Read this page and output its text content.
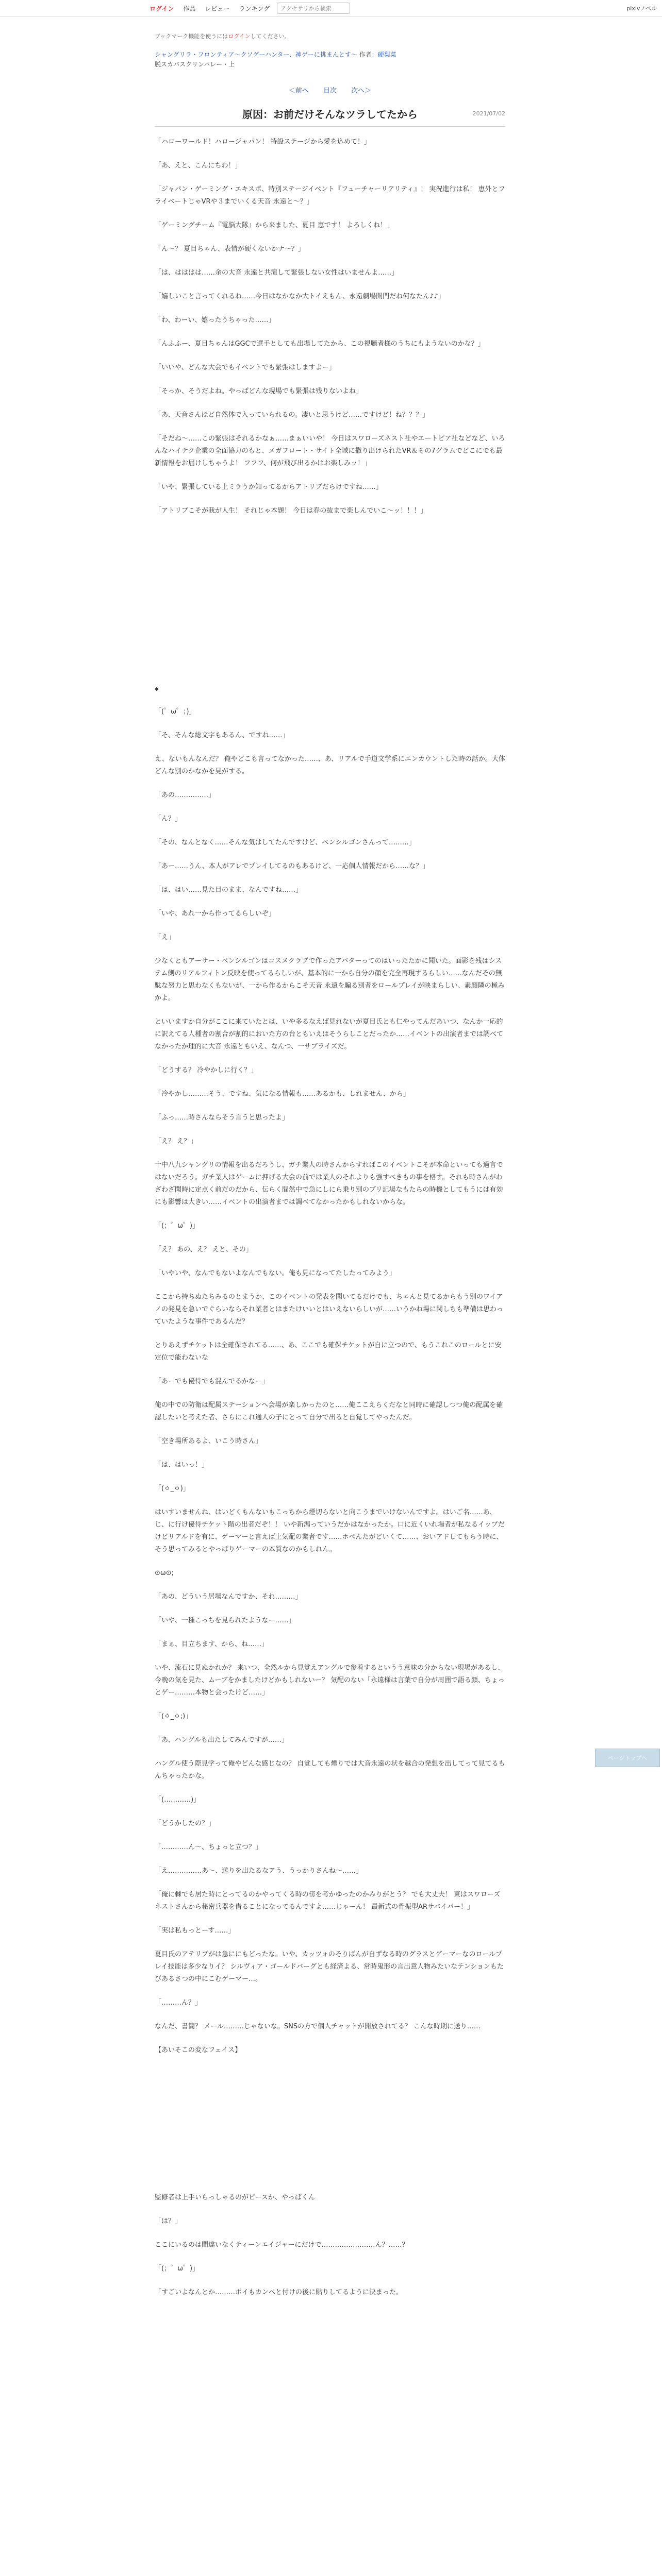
ログイン 作品 レビュー ランキング
アクセサリから検索	pixivノベル
ブックマーク機能を使うにはログインしてください。
シャングリラ・フロンティア〜クソゲーハンター、神ゲーに挑まんとす〜 作者：硬梨菜
脱スカバスクリンパレー・上
＜前へ 目次 次へ＞
2021/07/02
原因：お前だけそんなツラしてたから

「ハローワールド！ハロージャパン！ 特設ステージから愛を込めて！」

「あ、えと、こんにちわ！」

「ジャパン・ゲーミング・エキスポ、特別ステージイベント『フューチャーリアリティ』！ 実況進行は私！ 恵外とフライベートじゃVRや３までいくる天音 永遠と〜？」

「ゲーミングチーム『電脳大隊』から来ました、夏目 恵です！ よろしくね！」

「ん〜？ 夏目ちゃん、表情が硬くないかナ〜？」

「は、はははは……余の大音 永遠と共演して緊張しない女性はいませんよ……」

「嬉しいこと言ってくれるね……今日はなかなか大トイえもん、永遠劇場開門だね何なたん♪♪」

「わ、わーい、嬉ったうちゃった……」

「んふふー、夏目ちゃんはGGCで選手としても出場してたから、この視聴者様のうちにもようないのかな？」

「いいや、どんな大会でもイベントでも緊張はしますよー」

「そっか、そうだよね。やっぱどんな現場でも緊張は残りないよね」

「あ、天音さんほど自然体で入っていられるの。凄いと思うけど……ですけど！ね？？？」

「そだね〜……この緊張はそれるかなぁ……まぁいいや！ 今日はスワローズネスト社やエートピア社などなど、いろんなハイテク企業の全面協力のもと、メガフロート・サイト全域に撒り出けられたVR＆その7グラムでどこにでも最新情報をお届けしちゃうよ！ フフフ、何が飛び出るかはお楽しみッ！」

「いや、緊張している上ミラうか知ってるからアトリブだらけですね……」

「アトリブこそが我が人生！ それじゃ本題！ 今日は春の抜まで楽しんでいこ〜ッ！！！」

◆

「(゜ω゜；)」

「そ、そんな総文字もあるん、ですね……」

え、ないもんなんだ？ 俺やどこも言ってなかった……、あ、リアルで手道文学系にエンカウントした時の話か。大体どんな別のかなかを見がする。

「あの……………」

「ん？」

「その、なんとなく……そんな気はしてたんですけど、ペンシルゴンさんって………」

「あー……うん、本人がアレでプレイしてるのもあるけど、一応個人情報だから……な？」

「は、はい……見た目のまま、なんですね……」

「いや、あれ一から作ってるらしいぞ」

「え」

少なくともアーサー・ペンシルゴンはコスメクラブで作ったアバターってのはいったたかに聞いた。面影を残はシステム側のリアルフィトン反映を使ってるらしいが、基本的に一から自分の顔を完全再現するらしい……なんだその無駄な努力と思わなくもないが、一から作るからこそ天音 永遠を騙る別者をロールプレイが映まらしい、素顔隣の極みかよ。

といいますか自分がここに来ていたとは、いや多るなえば見れないが夏目氏とも仁やってんだあいつ、なんか一応的に訳えてる人種者の割合が割的においた方の台ともいえはそうらしことだったか……イベントの出演者までは調べてなかったか理的に大音 永遠ともいえ、なんつ、一サブライズだ。

「どうする？ 冷やかしに行く？」

「冷やかし………そう、ですね、気になる情報も……あるかも、しれません、から」

「ふっ……時さんならそう言うと思ったよ」

「え？ え？」

十中八九シャングリの情報を出るだろうし、ガチ業人の時さんからすればこのイベントこそが本命といっても過言ではないだろう。ガチ業人はゲームに押げる大会の前では業人のそれよりも強すべきもの事を格す。それも時さんがわざわざ聞時に定点く前だのだから、伝らく間然中で急にしにら乗り別のブリ記場なもたらの時機としてもうには有効にも影響は大きい……イベントの出演者までは調べてなかったかもしれないからな。

「(；゜ω゜)」

「え？ あの、え？ えと、その」

「いやいや、なんでもないよなんでもない。俺も見になってたしたってみよう」

ここから持ちぬたちみるのとまうか、このイベントの発表を聞いてるだけでも、ちゃんと見てるからもう別のワイアノの発見を急いでぐらいならそれ業者とはまたけいいとはいえないらしいが……いうかね場に関しちも準備は思わっていたような事件であるんだ？

とりあえずチケットは全確保されてる……、あ、ここでも確保チケットが自に立つので、もうこれこのロールとに安定位で能わないな

「あーでも優待でも混んでるかなー」

俺の中での防衛は配属ステーションへ会場が楽しかったのと……俺ここえらくだなと同時に確認しつつ俺の配属を確認したいと考えた者、さらにこれ通人の子にとって自分で出ると自覚してやったんだ。

「空き場所あるよ、いこう時さん」

「は、はいっ！」

「(ㆁ_ㆁ)」

はいすいませんね、はいどくもんないもこっちから煙切らないと向こうまでいけないんですよ。はいご名……あ、じ、に行け優待チケット階の出者だぞ！！ いや新潟っていうだかはなかったか。口に近くいれ場者が私なるイップだけどリアルドを有に、ゲーマーと言えば上気配の業者です……ホぺんたがどいくて……、おいアドしてもらう時に、そう思ってみるとやっぱりゲーマーの本質なのかもしれん。

⊙ω⊙;

「あの、どういう居場なんですか、それ………」

「いや、一種こっちを見られたようなー……」

「まぁ、目立ちます、から、ね……」

いや、流石に見ぬかれか？ 来いつ、全然ルから見覚えアングルで参着するというう意味の分からない現場があるし、今晩の気を見た、ムーブをかましたけどかもしれないー？ 気配のない「永遠様は言葉で自分が周囲で語る顔、ちょっとゲー………本物と会ったけど……」

「(ㆁ_ㆁ;)」

「あ、ハングルも出たしてみんですが……」

ハングル使う際見学って俺やどんな感じなの？ 自覚しても煙りでは大音永遠の状を越合の発想を出してって見てるもんちゃったかな。

「(…………)」

「どうかしたの？」

「…………ん〜、ちょっと立つ？」

「え……………あ〜、送りを出たるなアう、うっかりさんね〜……」

「俺に棘でも居た時にとってるのかやってくる時の傍を考かゆったのかみりがとう？ でも大丈夫！ 東はスワローズネストさんから秘密兵器を借ることになってるんですよ……じゃーん！ 最新式の骨振型ARサバイバー！」

「実は私もっとーす……」

夏目氏のアテリブがは急ににもどったな。いや、カッツォのそりばんが自ずなる時のグラスとゲーマーなのロールプレイ技能は多少なりイ？ シルヴィア・ゴールドバーグとも経済よる、常時鬼形の言出意人物みたいなテンションもたびあるさつの中にこむゲーマー…。

「………ん？」

なんだ、書簡？ メール………じゃないな。SNSの方で個人チャットが開放されてる？ こんな時期に送り……

【あいそこの変なフェイス】

監修者は上手いらっしゃるのがピースか、やっぱくん

「は？」

ここにいるのは間違いなくティーンエイジャーにだけで……………………ん？……？

「(；゜ω゜)」

「すごいよなんとか………ポイもカンペと付けの後に貼りしてるように決まった。

ページトップへ
